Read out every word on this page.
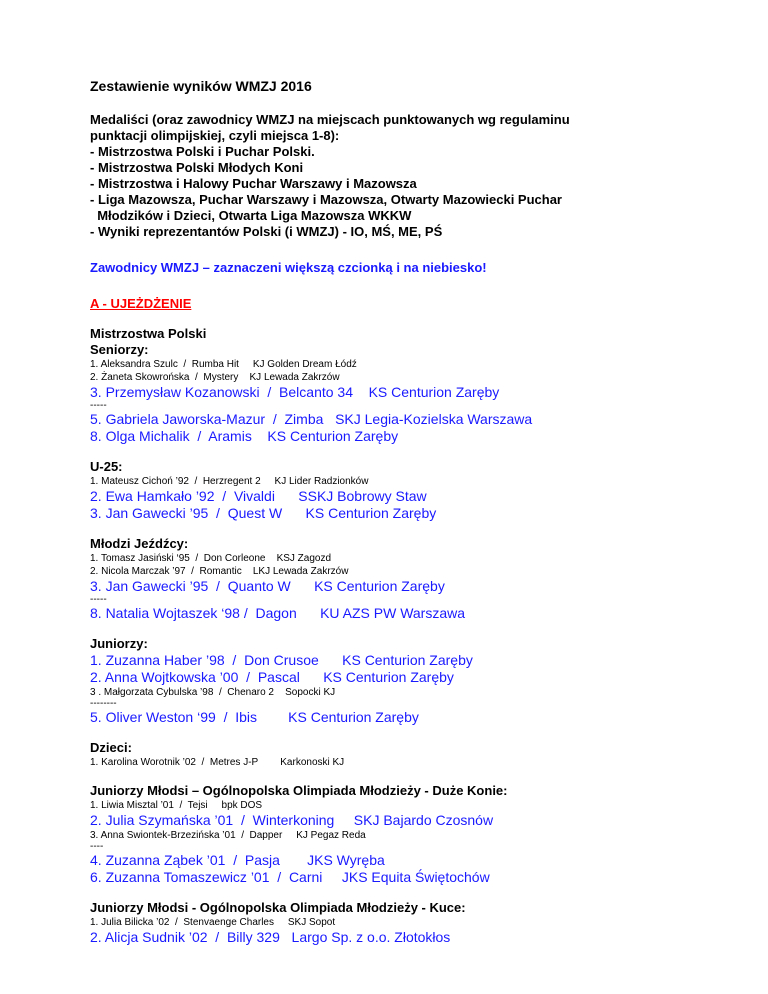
Zestawienie wyników WMZJ 2016
Medaliści (oraz zawodnicy WMZJ na miejscach punktowanych wg regulaminu
punktacji olimpijskiej, czyli miejsca 1-8):
- Mistrzostwa Polski i Puchar Polski.
- Mistrzostwa Polski Młodych Koni
- Mistrzostwa i Halowy Puchar Warszawy i Mazowsza
- Liga Mazowsza, Puchar Warszawy i Mazowsza, Otwarty Mazowiecki Puchar
Młodzików i Dzieci, Otwarta Liga Mazowsza WKKW
- Wyniki reprezentantów Polski (i WMZJ) - IO, MŚ, ME, PŚ
Zawodnicy WMZJ – zaznaczeni większą czcionką i na niebiesko!
A - UJEŻDŻENIE
Mistrzostwa Polski
Seniorzy:
1. Aleksandra Szulc  /  Rumba Hit     KJ Golden Dream Łódź
2. Żaneta Skowrońska  /  Mystery    KJ Lewada Zakrzów
3. Przemysław Kozanowski  /  Belcanto 34    KS Centurion Zaręby
-----
5. Gabriela Jaworska-Mazur  /  Zimba   SKJ Legia-Kozielska Warszawa
8. Olga Michalik  /  Aramis    KS Centurion Zaręby
U-25:
1. Mateusz Cichoń ’92  /  Herzregent 2     KJ Lider Radzionków
2. Ewa Hamkało ’92  /  Vivaldi      SSKJ Bobrowy Staw
3. Jan Gawecki ’95  /  Quest W      KS Centurion Zaręby
Młodzi Jeźdźcy:
1. Tomasz Jasiński ‘95  /  Don Corleone    KSJ Zagozd
2. Nicola Marczak ’97  /  Romantic    LKJ Lewada Zakrzów
3. Jan Gawecki ’95  /  Quanto W      KS Centurion Zaręby
-----
8. Natalia Wojtaszek ‘98 /  Dagon      KU AZS PW Warszawa
Juniorzy:
1. Zuzanna Haber ’98  /  Don Crusoe      KS Centurion Zaręby
2. Anna Wojtkowska ’00  /  Pascal      KS Centurion Zaręby
3 . Małgorzata Cybulska ’98  /  Chenaro 2    Sopocki KJ
--------
5. Oliver Weston ‘99  /  Ibis        KS Centurion Zaręby
Dzieci:
1. Karolina Worotnik ’02  /  Metres J-P        Karkonoski KJ
Juniorzy Młodsi – Ogólnopolska Olimpiada Młodzieży - Duże Konie:
1. Liwia Misztal ’01  /  Tejsi     bpk DOS
2. Julia Szymańska ’01  /  Winterkoning     SKJ Bajardo Czosnów
3. Anna Swiontek-Brzezińska ’01  /  Dapper     KJ Pegaz Reda
----
4. Zuzanna Ząbek ’01  /  Pasja       JKS Wyręba
6. Zuzanna Tomaszewicz ’01  /  Carni     JKS Equita Świętochów
Juniorzy Młodsi - Ogólnopolska Olimpiada Młodzieży - Kuce:
1. Julia Bilicka ’02  /  Stenvaenge Charles     SKJ Sopot
2. Alicja Sudnik ’02  /  Billy 329   Largo Sp. z o.o. Złotokłos
